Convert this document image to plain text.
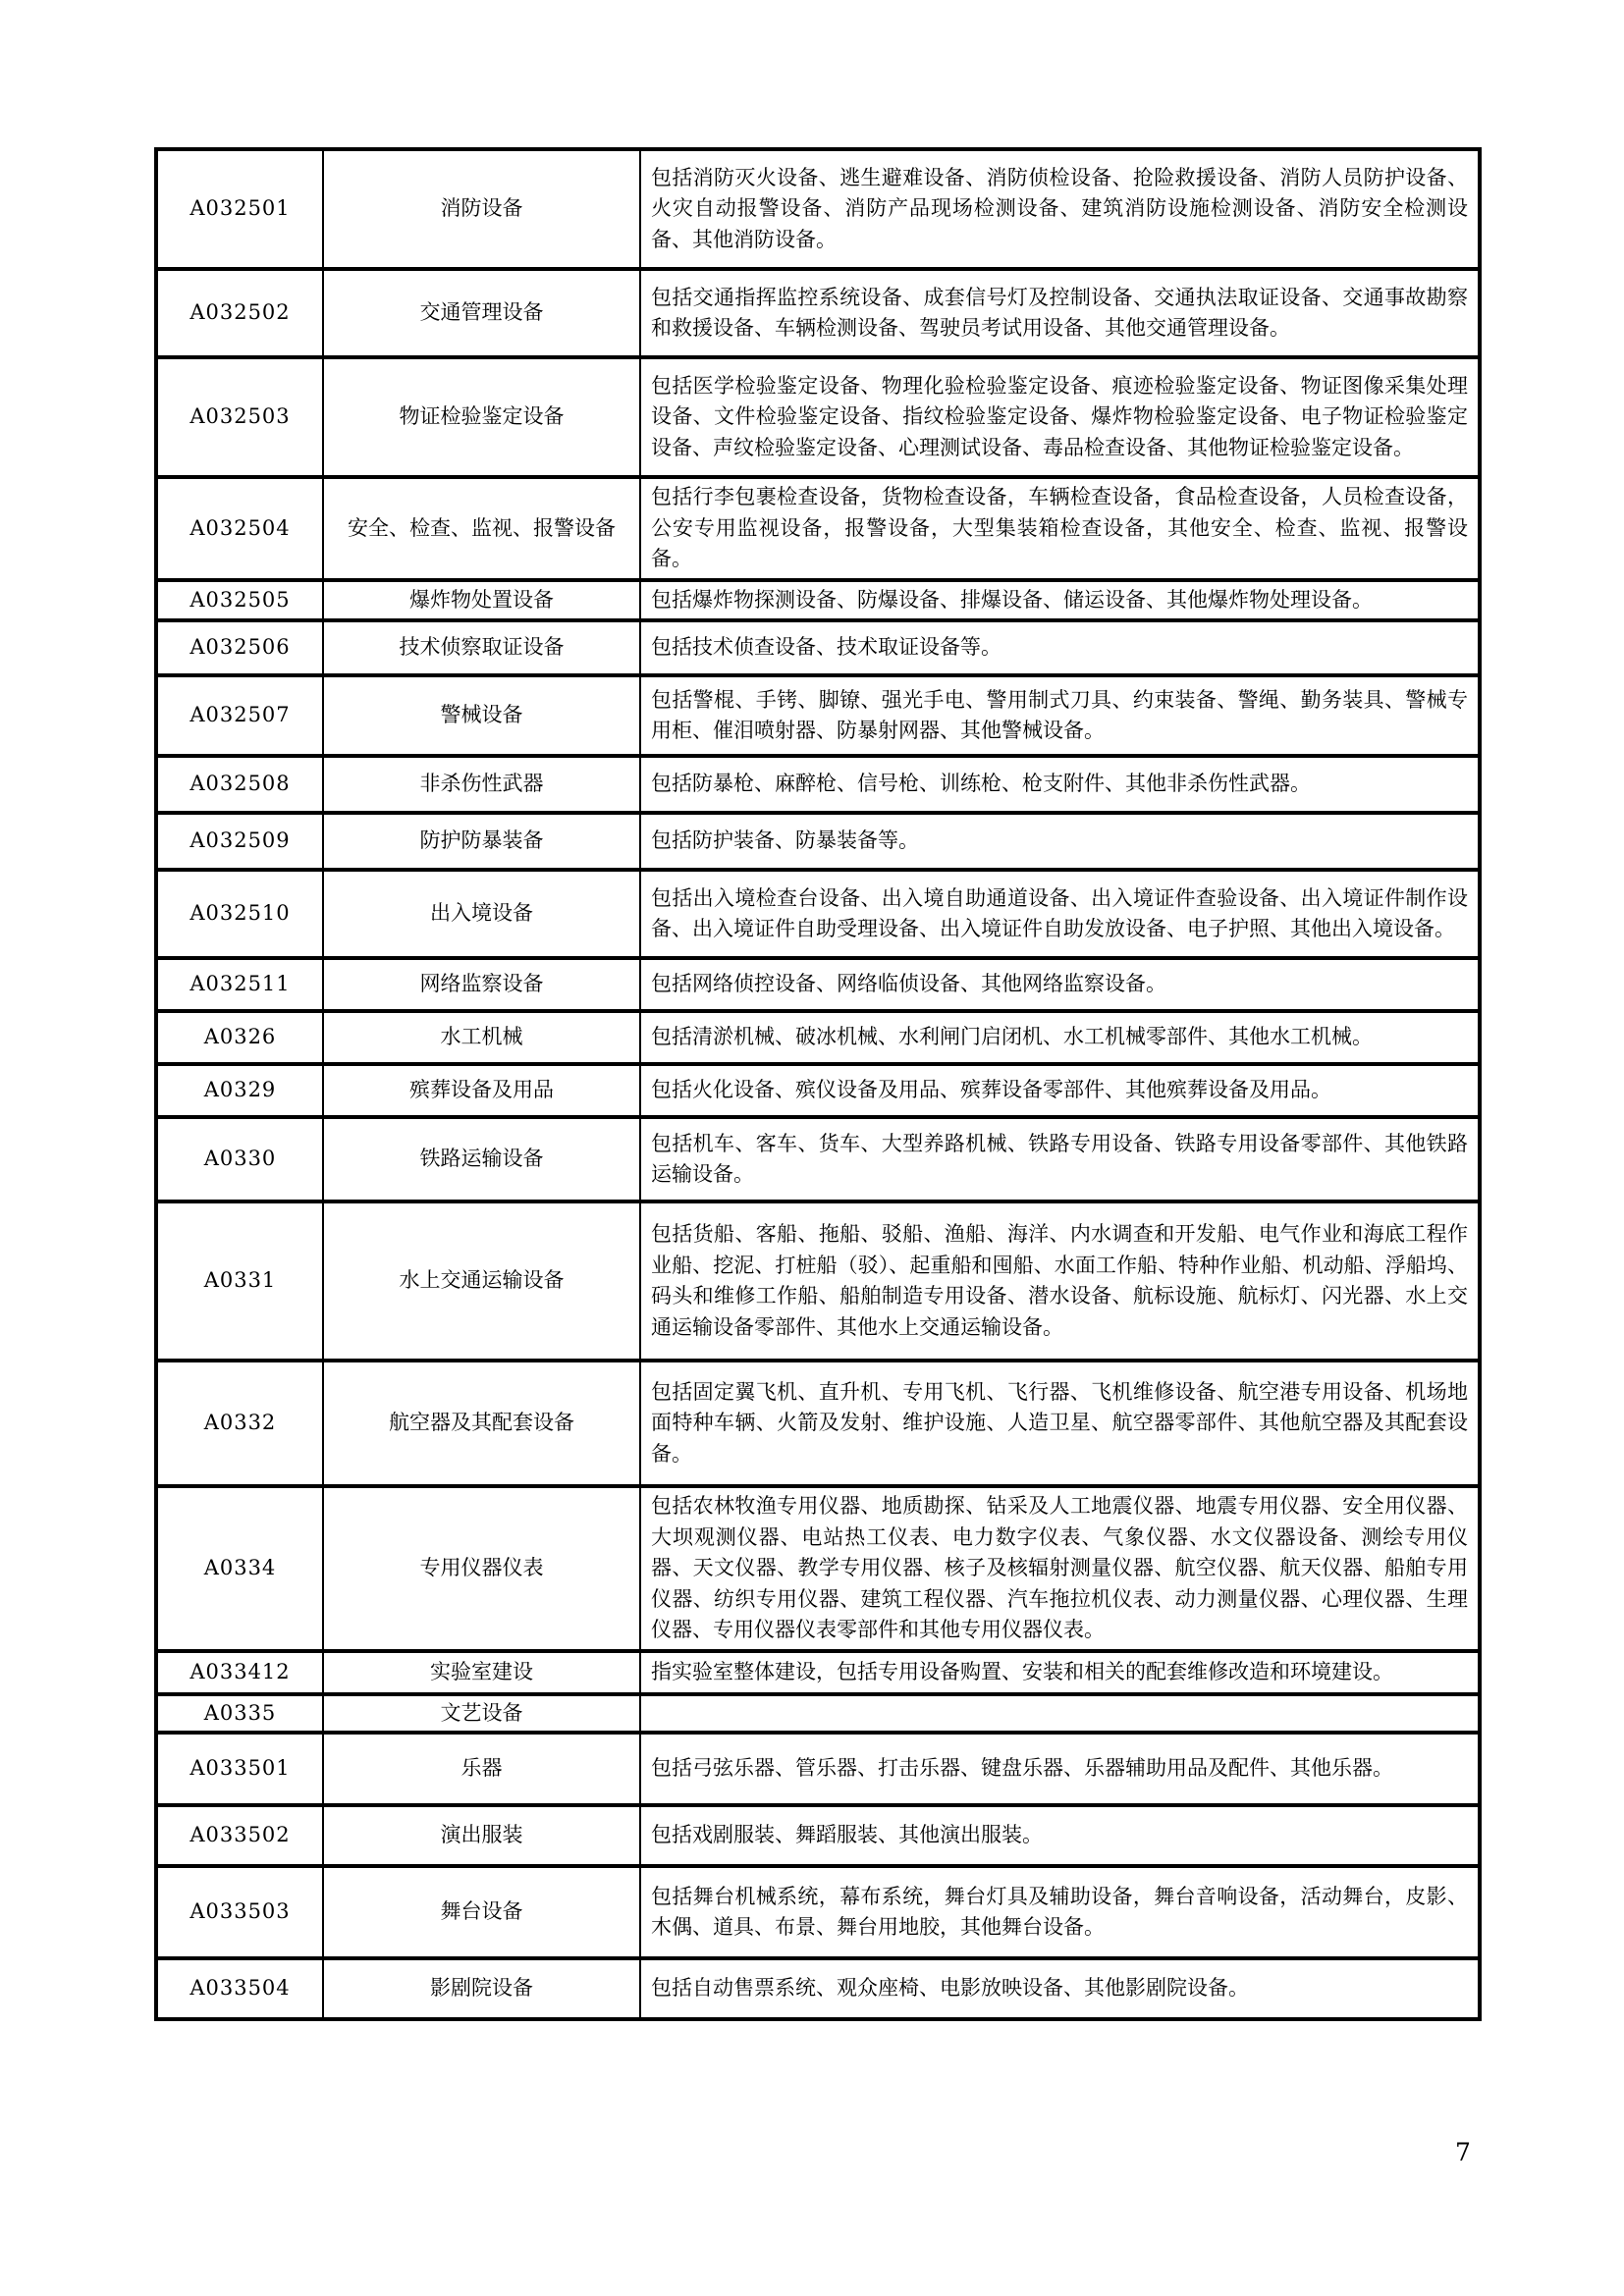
A032501	消防设备	包括消防灭火设备、逃生避难设备、消防侦检设备、抢险救援设备、消防人员防护设备、火灾自动报警设备、消防产品现场检测设备、建筑消防设施检测设备、消防安全检测设备、其他消防设备。
A032502	交通管理设备	包括交通指挥监控系统设备、成套信号灯及控制设备、交通执法取证设备、交通事故勘察和救援设备、车辆检测设备、驾驶员考试用设备、其他交通管理设备。
A032503	物证检验鉴定设备	包括医学检验鉴定设备、物理化验检验鉴定设备、痕迹检验鉴定设备、物证图像采集处理设备、文件检验鉴定设备、指纹检验鉴定设备、爆炸物检验鉴定设备、电子物证检验鉴定设备、声纹检验鉴定设备、心理测试设备、毒品检查设备、其他物证检验鉴定设备。
A032504	安全、检查、监视、报警设备	包括行李包裹检查设备，货物检查设备，车辆检查设备，食品检查设备，人员检查设备，公安专用监视设备，报警设备，大型集装箱检查设备，其他安全、检查、监视、报警设备。
A032505	爆炸物处置设备	包括爆炸物探测设备、防爆设备、排爆设备、储运设备、其他爆炸物处理设备。
A032506	技术侦察取证设备	包括技术侦查设备、技术取证设备等。
A032507	警械设备	包括警棍、手铐、脚镣、强光手电、警用制式刀具、约束装备、警绳、勤务装具、警械专用柜、催泪喷射器、防暴射网器、其他警械设备。
A032508	非杀伤性武器	包括防暴枪、麻醉枪、信号枪、训练枪、枪支附件、其他非杀伤性武器。
A032509	防护防暴装备	包括防护装备、防暴装备等。
A032510	出入境设备	包括出入境检查台设备、出入境自助通道设备、出入境证件查验设备、出入境证件制作设备、出入境证件自助受理设备、出入境证件自助发放设备、电子护照、其他出入境设备。
A032511	网络监察设备	包括网络侦控设备、网络临侦设备、其他网络监察设备。
A0326	水工机械	包括清淤机械、破冰机械、水利闸门启闭机、水工机械零部件、其他水工机械。
A0329	殡葬设备及用品	包括火化设备、殡仪设备及用品、殡葬设备零部件、其他殡葬设备及用品。
A0330	铁路运输设备	包括机车、客车、货车、大型养路机械、铁路专用设备、铁路专用设备零部件、其他铁路运输设备。
A0331	水上交通运输设备	包括货船、客船、拖船、驳船、渔船、海洋、内水调查和开发船、电气作业和海底工程作业船、挖泥、打桩船（驳）、起重船和囤船、水面工作船、特种作业船、机动船、浮船坞、码头和维修工作船、船舶制造专用设备、潜水设备、航标设施、航标灯、闪光器、水上交通运输设备零部件、其他水上交通运输设备。
A0332	航空器及其配套设备	包括固定翼飞机、直升机、专用飞机、飞行器、飞机维修设备、航空港专用设备、机场地面特种车辆、火箭及发射、维护设施、人造卫星、航空器零部件、其他航空器及其配套设备。
A0334	专用仪器仪表	包括农林牧渔专用仪器、地质勘探、钻采及人工地震仪器、地震专用仪器、安全用仪器、大坝观测仪器、电站热工仪表、电力数字仪表、气象仪器、水文仪器设备、测绘专用仪器、天文仪器、教学专用仪器、核子及核辐射测量仪器、航空仪器、航天仪器、船舶专用仪器、纺织专用仪器、建筑工程仪器、汽车拖拉机仪表、动力测量仪器、心理仪器、生理仪器、专用仪器仪表零部件和其他专用仪器仪表。
A033412	实验室建设	指实验室整体建设，包括专用设备购置、安装和相关的配套维修改造和环境建设。
A0335	文艺设备	
A033501	乐器	包括弓弦乐器、管乐器、打击乐器、键盘乐器、乐器辅助用品及配件、其他乐器。
A033502	演出服装	包括戏剧服装、舞蹈服装、其他演出服装。
A033503	舞台设备	包括舞台机械系统，幕布系统，舞台灯具及辅助设备，舞台音响设备，活动舞台，皮影、木偶、道具、布景、舞台用地胶，其他舞台设备。
A033504	影剧院设备	包括自动售票系统、观众座椅、电影放映设备、其他影剧院设备。
7
